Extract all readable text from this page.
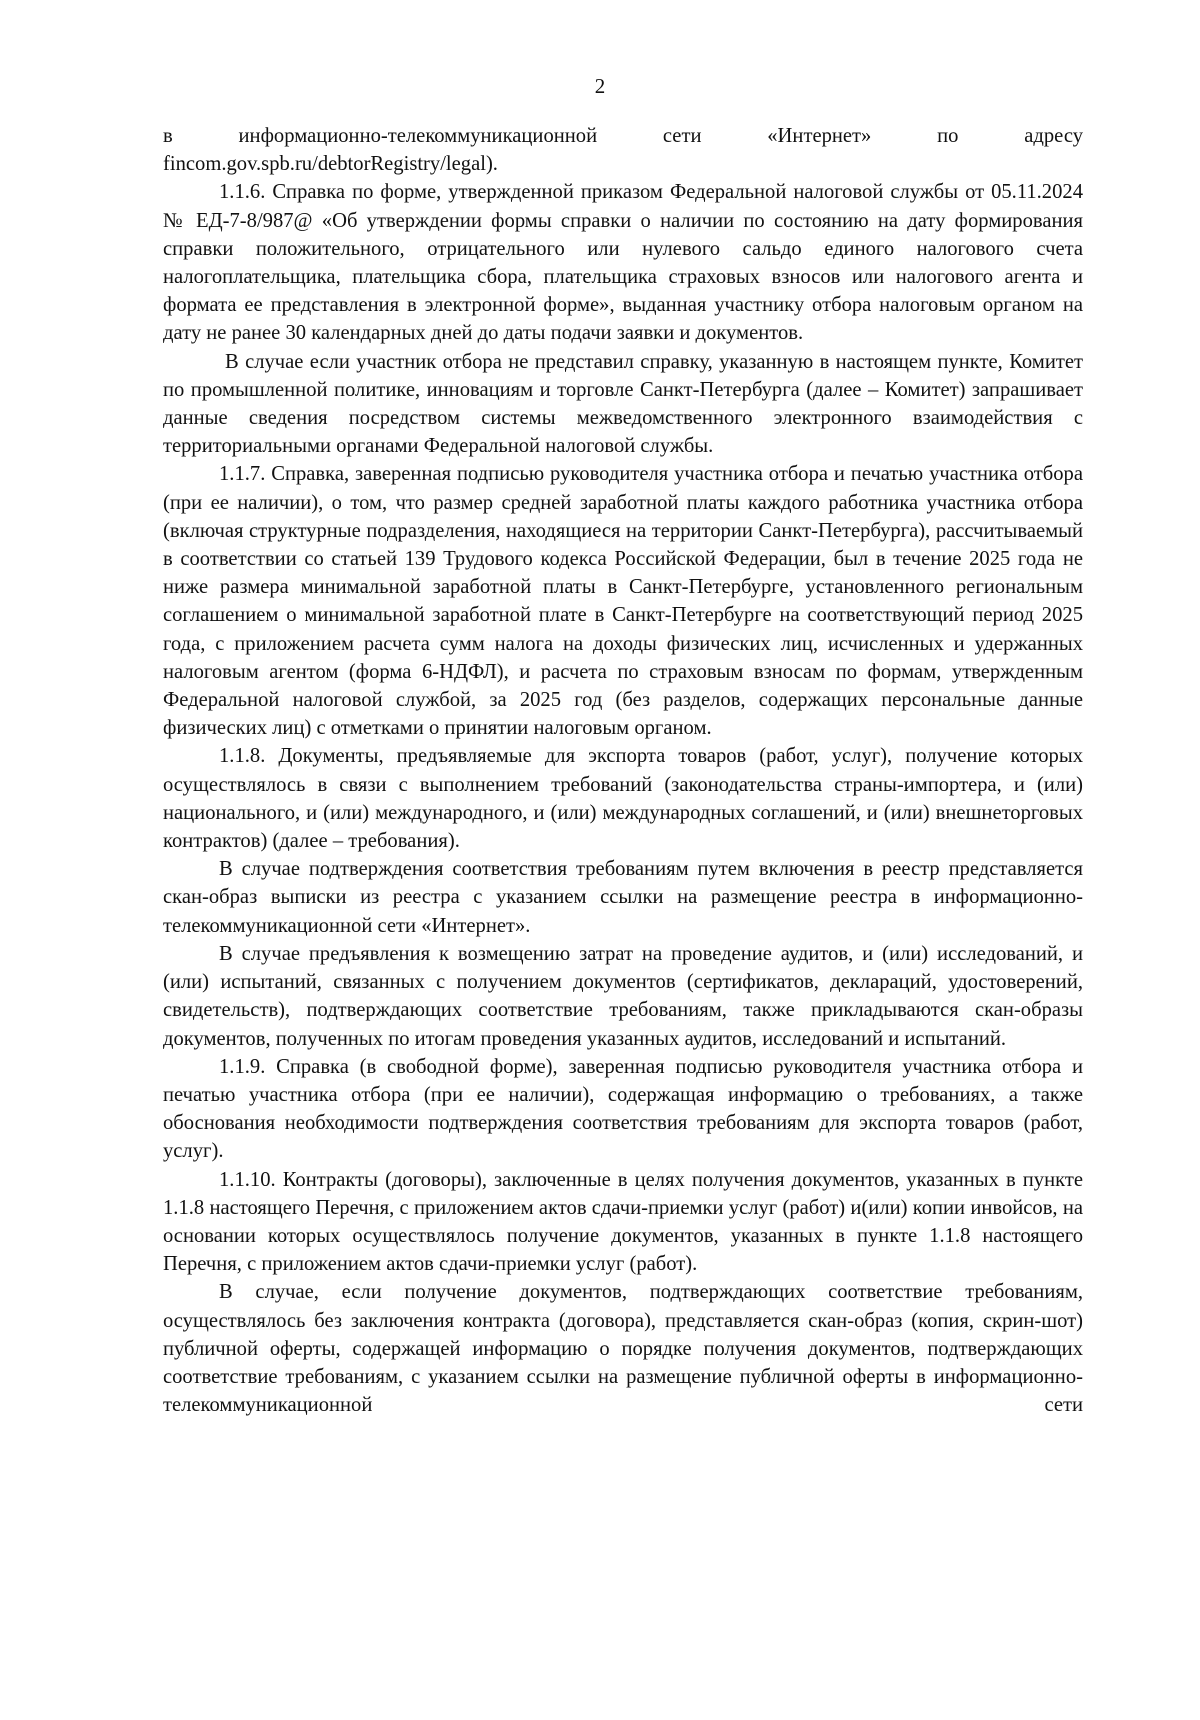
2

в информационно-телекоммуникационной сети «Интернет» по адресу fincom.gov.spb.ru/debtorRegistry/legal).

1.1.6. Справка по форме, утвержденной приказом Федеральной налоговой службы от 05.11.2024 № ЕД-7-8/987@ «Об утверждении формы справки о наличии по состоянию на дату формирования справки положительного, отрицательного или нулевого сальдо единого налогового счета налогоплательщика, плательщика сбора, плательщика страховых взносов или налогового агента и формата ее представления в электронной форме», выданная участнику отбора налоговым органом на дату не ранее 30 календарных дней до даты подачи заявки и документов.

В случае если участник отбора не представил справку, указанную в настоящем пункте, Комитет по промышленной политике, инновациям и торговле Санкт-Петербурга (далее – Комитет) запрашивает данные сведения посредством системы межведомственного электронного взаимодействия с территориальными органами Федеральной налоговой службы.

1.1.7. Справка, заверенная подписью руководителя участника отбора и печатью участника отбора (при ее наличии), о том, что размер средней заработной платы каждого работника участника отбора (включая структурные подразделения, находящиеся на территории Санкт-Петербурга), рассчитываемый в соответствии со статьей 139 Трудового кодекса Российской Федерации, был в течение 2025 года не ниже размера минимальной заработной платы в Санкт-Петербурге, установленного региональным соглашением о минимальной заработной плате в Санкт-Петербурге на соответствующий период 2025 года, с приложением расчета сумм налога на доходы физических лиц, исчисленных и удержанных налоговым агентом (форма 6-НДФЛ), и расчета по страховым взносам по формам, утвержденным Федеральной налоговой службой, за 2025 год (без разделов, содержащих персональные данные физических лиц) с отметками о принятии налоговым органом.

1.1.8. Документы, предъявляемые для экспорта товаров (работ, услуг), получение которых осуществлялось в связи с выполнением требований (законодательства страны-импортера, и (или) национального, и (или) международного, и (или) международных соглашений, и (или) внешнеторговых контрактов) (далее – требования).

В случае подтверждения соответствия требованиям путем включения в реестр представляется скан-образ выписки из реестра с указанием ссылки на размещение реестра в информационно-телекоммуникационной сети «Интернет».

В случае предъявления к возмещению затрат на проведение аудитов, и (или) исследований, и (или) испытаний, связанных с получением документов (сертификатов, деклараций, удостоверений, свидетельств), подтверждающих соответствие требованиям, также прикладываются скан-образы документов, полученных по итогам проведения указанных аудитов, исследований и испытаний.

1.1.9. Справка (в свободной форме), заверенная подписью руководителя участника отбора и печатью участника отбора (при ее наличии), содержащая информацию о требованиях, а также обоснования необходимости подтверждения соответствия требованиям для экспорта товаров (работ, услуг).

1.1.10. Контракты (договоры), заключенные в целях получения документов, указанных в пункте 1.1.8 настоящего Перечня, с приложением актов сдачи-приемки услуг (работ) и(или) копии инвойсов, на основании которых осуществлялось получение документов, указанных в пункте 1.1.8 настоящего Перечня, с приложением актов сдачи-приемки услуг (работ).

В случае, если получение документов, подтверждающих соответствие требованиям, осуществлялось без заключения контракта (договора), представляется скан-образ (копия, скрин-шот) публичной оферты, содержащей информацию о порядке получения документов, подтверждающих соответствие требованиям, с указанием ссылки на размещение публичной оферты в информационно-телекоммуникационной сети
